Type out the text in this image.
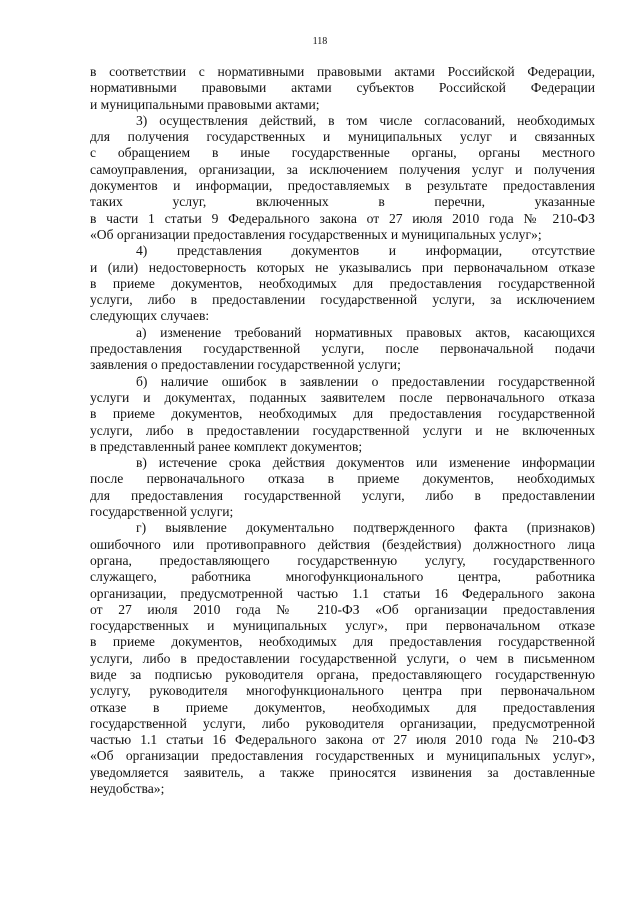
118
в соответствии с нормативными правовыми актами Российской Федерации,
нормативными правовыми актами субъектов Российской Федерации
и муниципальными правовыми актами;
3) осуществления действий, в том числе согласований, необходимых
для получения государственных и муниципальных услуг и связанных
с обращением в иные государственные органы, органы местного
самоуправления, организации, за исключением получения услуг и получения
документов и информации, предоставляемых в результате предоставления
таких услуг, включенных в перечни, указанные
в части 1 статьи 9 Федерального закона от 27 июля 2010 года № 210-ФЗ
«Об организации предоставления государственных и муниципальных услуг»;
4) представления документов и информации, отсутствие
и (или) недостоверность которых не указывались при первоначальном отказе
в приеме документов, необходимых для предоставления государственной
услуги, либо в предоставлении государственной услуги, за исключением
следующих случаев:
а) изменение требований нормативных правовых актов, касающихся
предоставления государственной услуги, после первоначальной подачи
заявления о предоставлении государственной услуги;
б) наличие ошибок в заявлении о предоставлении государственной
услуги и документах, поданных заявителем после первоначального отказа
в приеме документов, необходимых для предоставления государственной
услуги, либо в предоставлении государственной услуги и не включенных
в представленный ранее комплект документов;
в) истечение срока действия документов или изменение информации
после первоначального отказа в приеме документов, необходимых
для предоставления государственной услуги, либо в предоставлении
государственной услуги;
г) выявление документально подтвержденного факта (признаков)
ошибочного или противоправного действия (бездействия) должностного лица
органа, предоставляющего государственную услугу, государственного
служащего, работника многофункционального центра, работника
организации, предусмотренной частью 1.1 статьи 16 Федерального закона
от 27 июля 2010 года № 210-ФЗ «Об организации предоставления
государственных и муниципальных услуг», при первоначальном отказе
в приеме документов, необходимых для предоставления государственной
услуги, либо в предоставлении государственной услуги, о чем в письменном
виде за подписью руководителя органа, предоставляющего государственную
услугу, руководителя многофункционального центра при первоначальном
отказе в приеме документов, необходимых для предоставления
государственной услуги, либо руководителя организации, предусмотренной
частью 1.1 статьи 16 Федерального закона от 27 июля 2010 года № 210-ФЗ
«Об организации предоставления государственных и муниципальных услуг»,
уведомляется заявитель, а также приносятся извинения за доставленные
неудобства»;
